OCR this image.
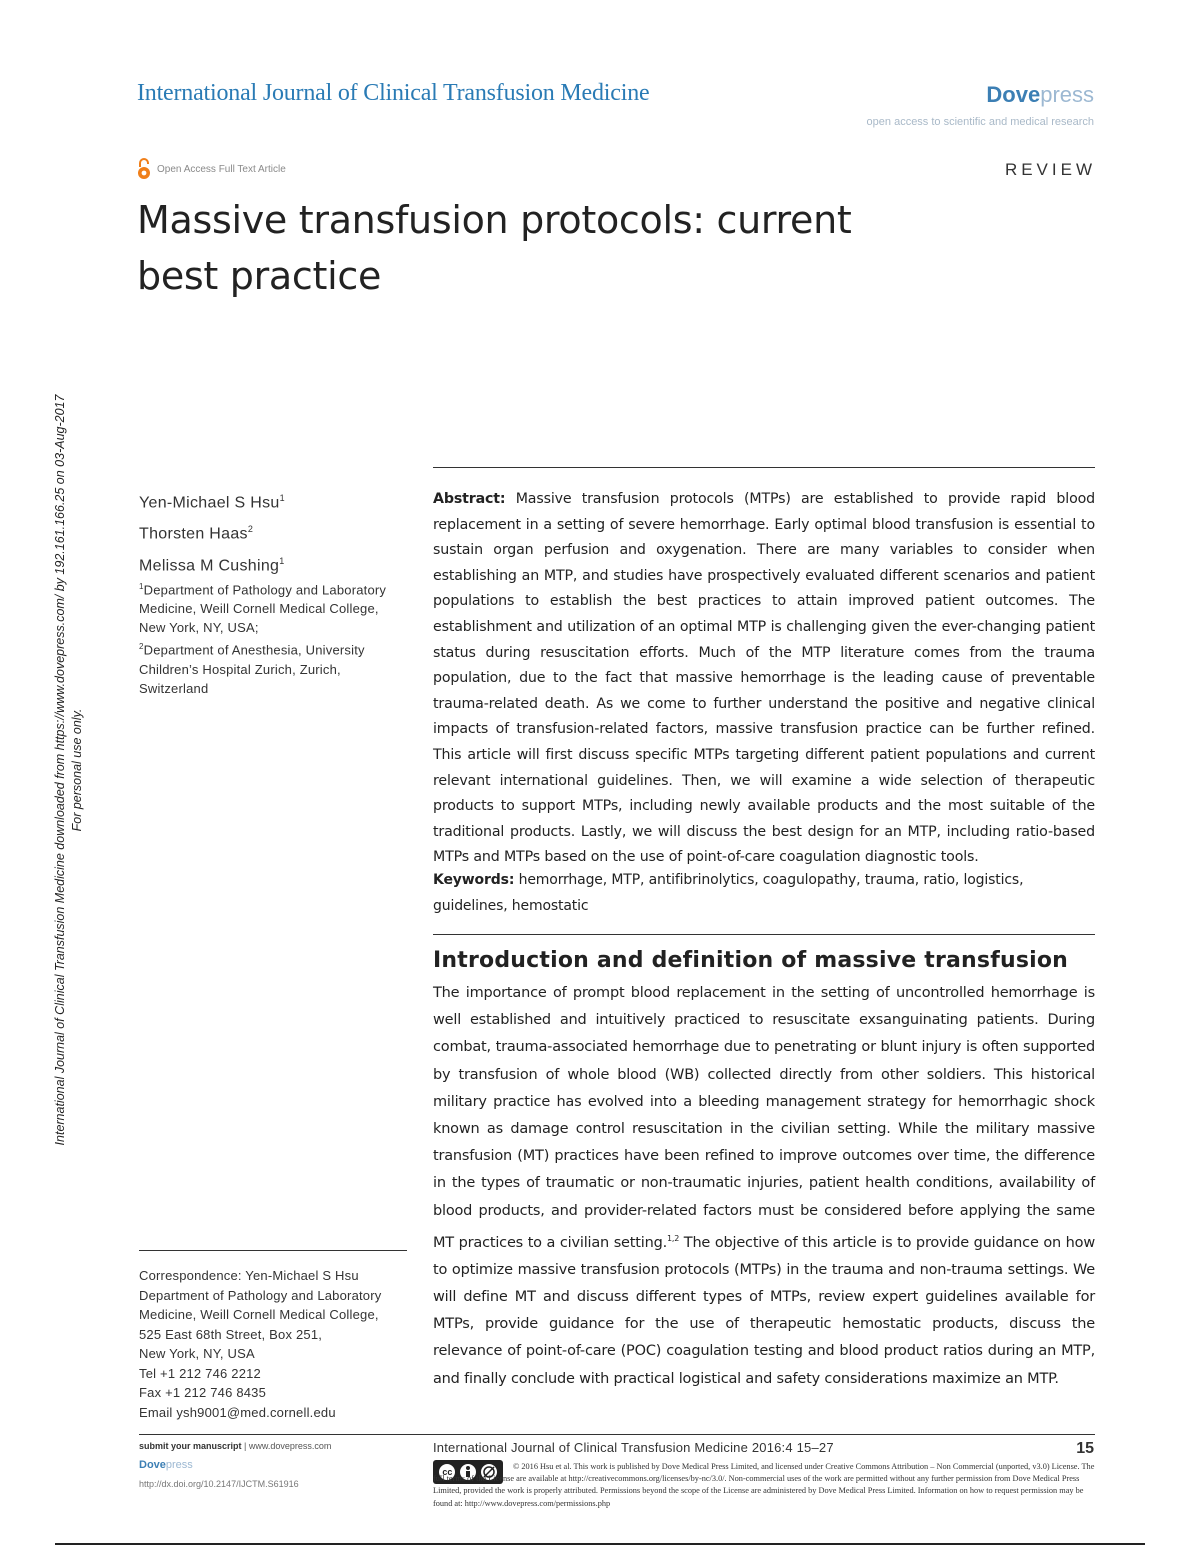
International Journal of Clinical Transfusion Medicine	Dovepress
open access to scientific and medical research
Open Access Full Text Article	REVIEW
Massive transfusion protocols: current best practice
International Journal of Clinical Transfusion Medicine downloaded from https://www.dovepress.com/ by 192.161.166.25 on 03-Aug-2017 For personal use only.
Yen-Michael S Hsu$^1$
Thorsten Haas$^2$
Melissa M Cushing$^1$
$^1$Department of Pathology and Laboratory Medicine, Weill Cornell Medical College, New York, NY, USA;
$^2$Department of Anesthesia, University Children’s Hospital Zurich, Zurich, Switzerland
Abstract: Massive transfusion protocols (MTPs) are established to provide rapid blood replacement in a setting of severe hemorrhage. Early optimal blood transfusion is essential to sustain organ perfusion and oxygenation. There are many variables to consider when establishing an MTP, and studies have prospectively evaluated different scenarios and patient populations to establish the best practices to attain improved patient outcomes. The establishment and utilization of an optimal MTP is challenging given the ever-changing patient status during resuscitation efforts. Much of the MTP literature comes from the trauma population, due to the fact that massive hemorrhage is the leading cause of preventable trauma-related death. As we come to further understand the positive and negative clinical impacts of transfusion-related factors, massive transfusion practice can be further refined. This article will first discuss specific MTPs targeting different patient populations and current relevant international guidelines. Then, we will examine a wide selection of therapeutic products to support MTPs, including newly available products and the most suitable of the traditional products. Lastly, we will discuss the best design for an MTP, including ratio-based MTPs and MTPs based on the use of point-of-care coagulation diagnostic tools.
Keywords: hemorrhage, MTP, antifibrinolytics, coagulopathy, trauma, ratio, logistics, guidelines, hemostatic
Introduction and definition of massive transfusion
The importance of prompt blood replacement in the setting of uncontrolled hemorrhage is well established and intuitively practiced to resuscitate exsanguinating patients. During combat, trauma-associated hemorrhage due to penetrating or blunt injury is often supported by transfusion of whole blood (WB) collected directly from other soldiers. This historical military practice has evolved into a bleeding management strategy for hemorrhagic shock known as damage control resuscitation in the civilian setting. While the military massive transfusion (MT) practices have been refined to improve outcomes over time, the difference in the types of traumatic or non-traumatic injuries, patient health conditions, availability of blood products, and provider-related factors must be considered before applying the same MT practices to a civilian setting.$^{1,2}$ The objective of this article is to provide guidance on how to optimize massive transfusion protocols (MTPs) in the trauma and non-trauma settings. We will define MT and discuss different types of MTPs, review expert guidelines available for MTPs, provide guidance for the use of therapeutic hemostatic products, discuss the relevance of point-of-care (POC) coagulation testing and blood product ratios during an MTP, and finally conclude with practical logistical and safety considerations maximize an MTP.
Correspondence: Yen-Michael S Hsu
Department of Pathology and Laboratory
Medicine, Weill Cornell Medical College,
525 East 68th Street, Box 251,
New York, NY, USA
Tel +1 212 746 2212
Fax +1 212 746 8435
Email ysh9001@med.cornell.edu
submit your manuscript | www.dovepress.com
Dovepress
http://dx.doi.org/10.2147/IJCTM.S61916
International Journal of Clinical Transfusion Medicine 2016:4 15–27	15
cc
© 2016 Hsu et al. This work is published by Dove Medical Press Limited, and licensed under Creative Commons Attribution – Non Commercial (unported, v3.0) License. The full terms of the License are available at http://creativecommons.org/licenses/by-nc/3.0/. Non-commercial uses of the work are permitted without any further permission from Dove Medical Press Limited, provided the work is properly attributed. Permissions beyond the scope of the License are administered by Dove Medical Press Limited. Information on how to request permission may be found at: http://www.dovepress.com/permissions.php
